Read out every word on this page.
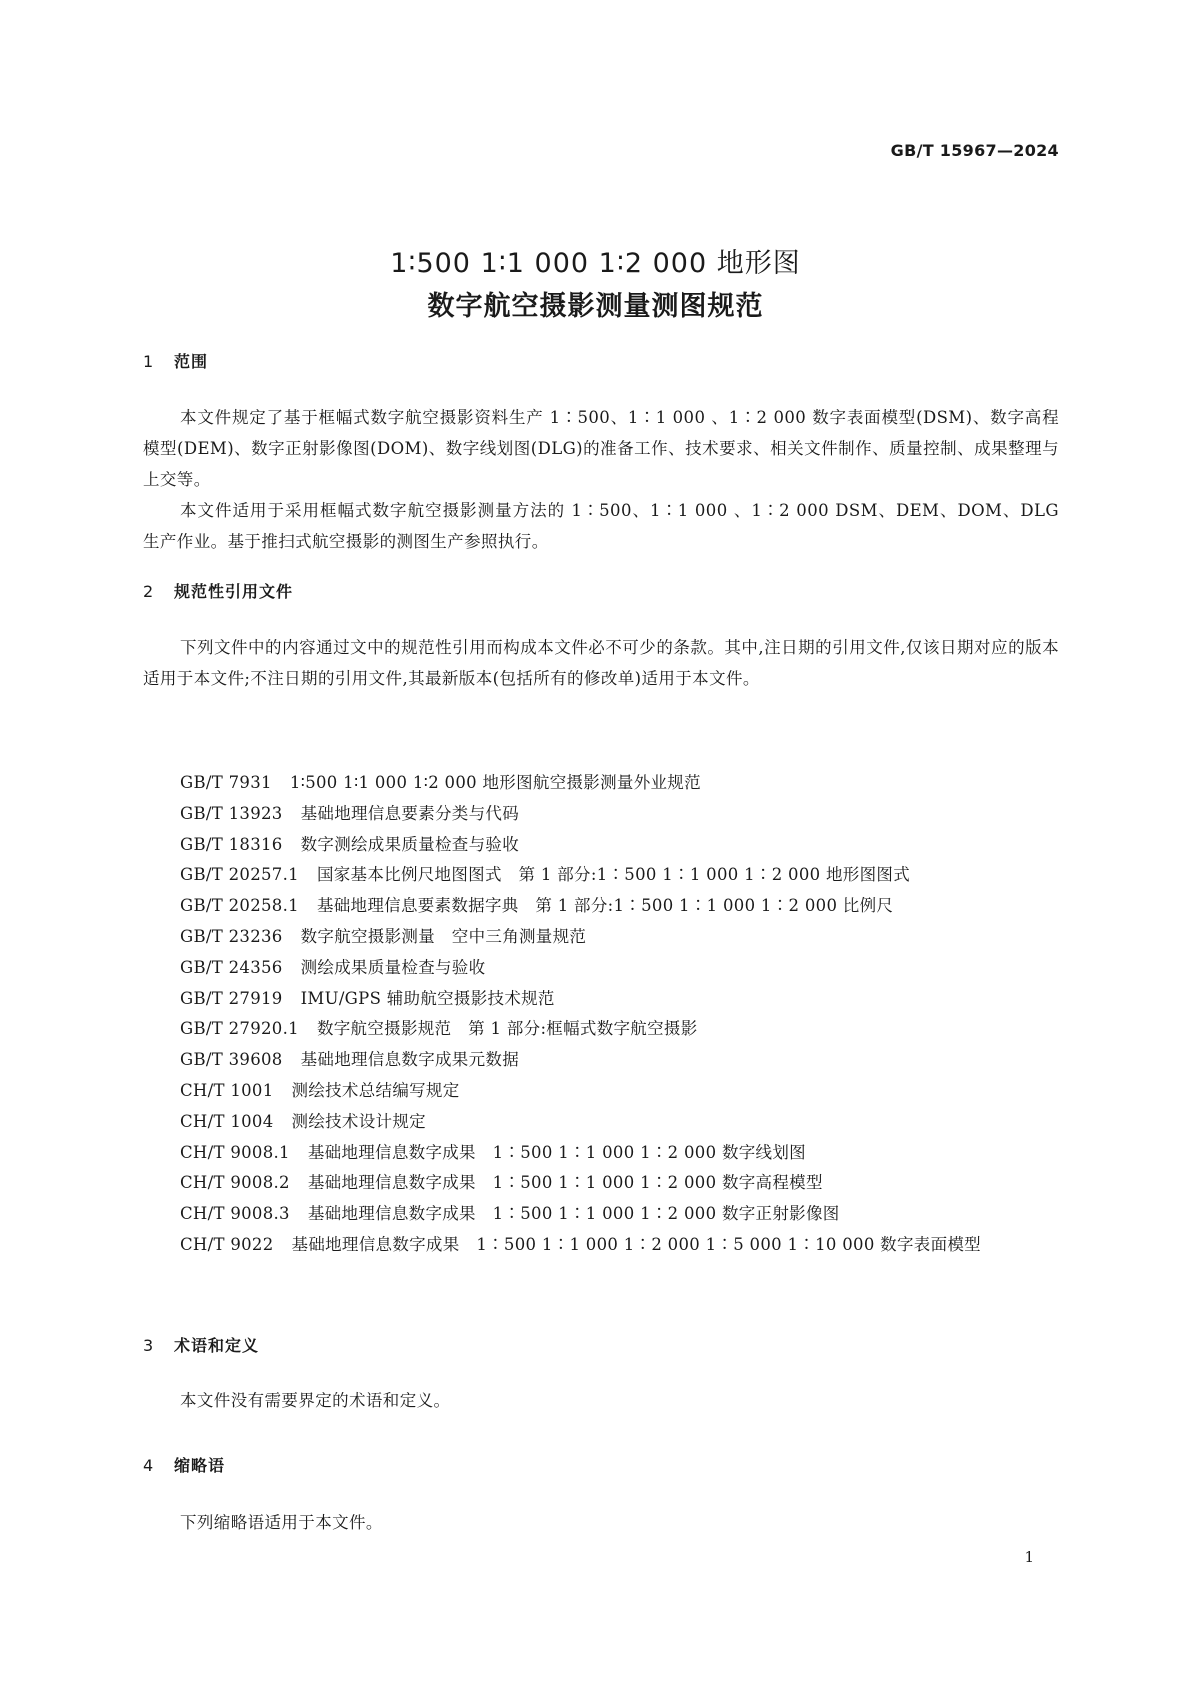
GB/T 15967—2024
1∶500 1∶1 000 1∶2 000 地形图
数字航空摄影测量测图规范
1 范围
本文件规定了基于框幅式数字航空摄影资料生产 1∶500、1∶1 000 、1∶2 000 数字表面模型(DSM)、数字高程模型(DEM)、数字正射影像图(DOM)、数字线划图(DLG)的准备工作、技术要求、相关文件制作、质量控制、成果整理与上交等。
本文件适用于采用框幅式数字航空摄影测量方法的 1∶500、1∶1 000 、1∶2 000 DSM、DEM、DOM、DLG 生产作业。基于推扫式航空摄影的测图生产参照执行。
2 规范性引用文件
下列文件中的内容通过文中的规范性引用而构成本文件必不可少的条款。其中,注日期的引用文件,仅该日期对应的版本适用于本文件;不注日期的引用文件,其最新版本(包括所有的修改单)适用于本文件。
GB/T 7931 1∶500 1∶1 000 1∶2 000 地形图航空摄影测量外业规范
GB/T 13923 基础地理信息要素分类与代码
GB/T 18316 数字测绘成果质量检查与验收
GB/T 20257.1 国家基本比例尺地图图式　第 1 部分:1∶500 1∶1 000 1∶2 000 地形图图式
GB/T 20258.1 基础地理信息要素数据字典　第 1 部分:1∶500 1∶1 000 1∶2 000 比例尺
GB/T 23236 数字航空摄影测量　空中三角测量规范
GB/T 24356 测绘成果质量检查与验收
GB/T 27919 IMU/GPS 辅助航空摄影技术规范
GB/T 27920.1 数字航空摄影规范　第 1 部分:框幅式数字航空摄影
GB/T 39608 基础地理信息数字成果元数据
CH/T 1001 测绘技术总结编写规定
CH/T 1004 测绘技术设计规定
CH/T 9008.1 基础地理信息数字成果　1∶500 1∶1 000 1∶2 000 数字线划图
CH/T 9008.2 基础地理信息数字成果　1∶500 1∶1 000 1∶2 000 数字高程模型
CH/T 9008.3 基础地理信息数字成果　1∶500 1∶1 000 1∶2 000 数字正射影像图
CH/T 9022 基础地理信息数字成果　1∶500 1∶1 000 1∶2 000 1∶5 000 1∶10 000 数字表面模型
3 术语和定义
本文件没有需要界定的术语和定义。
4 缩略语
下列缩略语适用于本文件。
1
